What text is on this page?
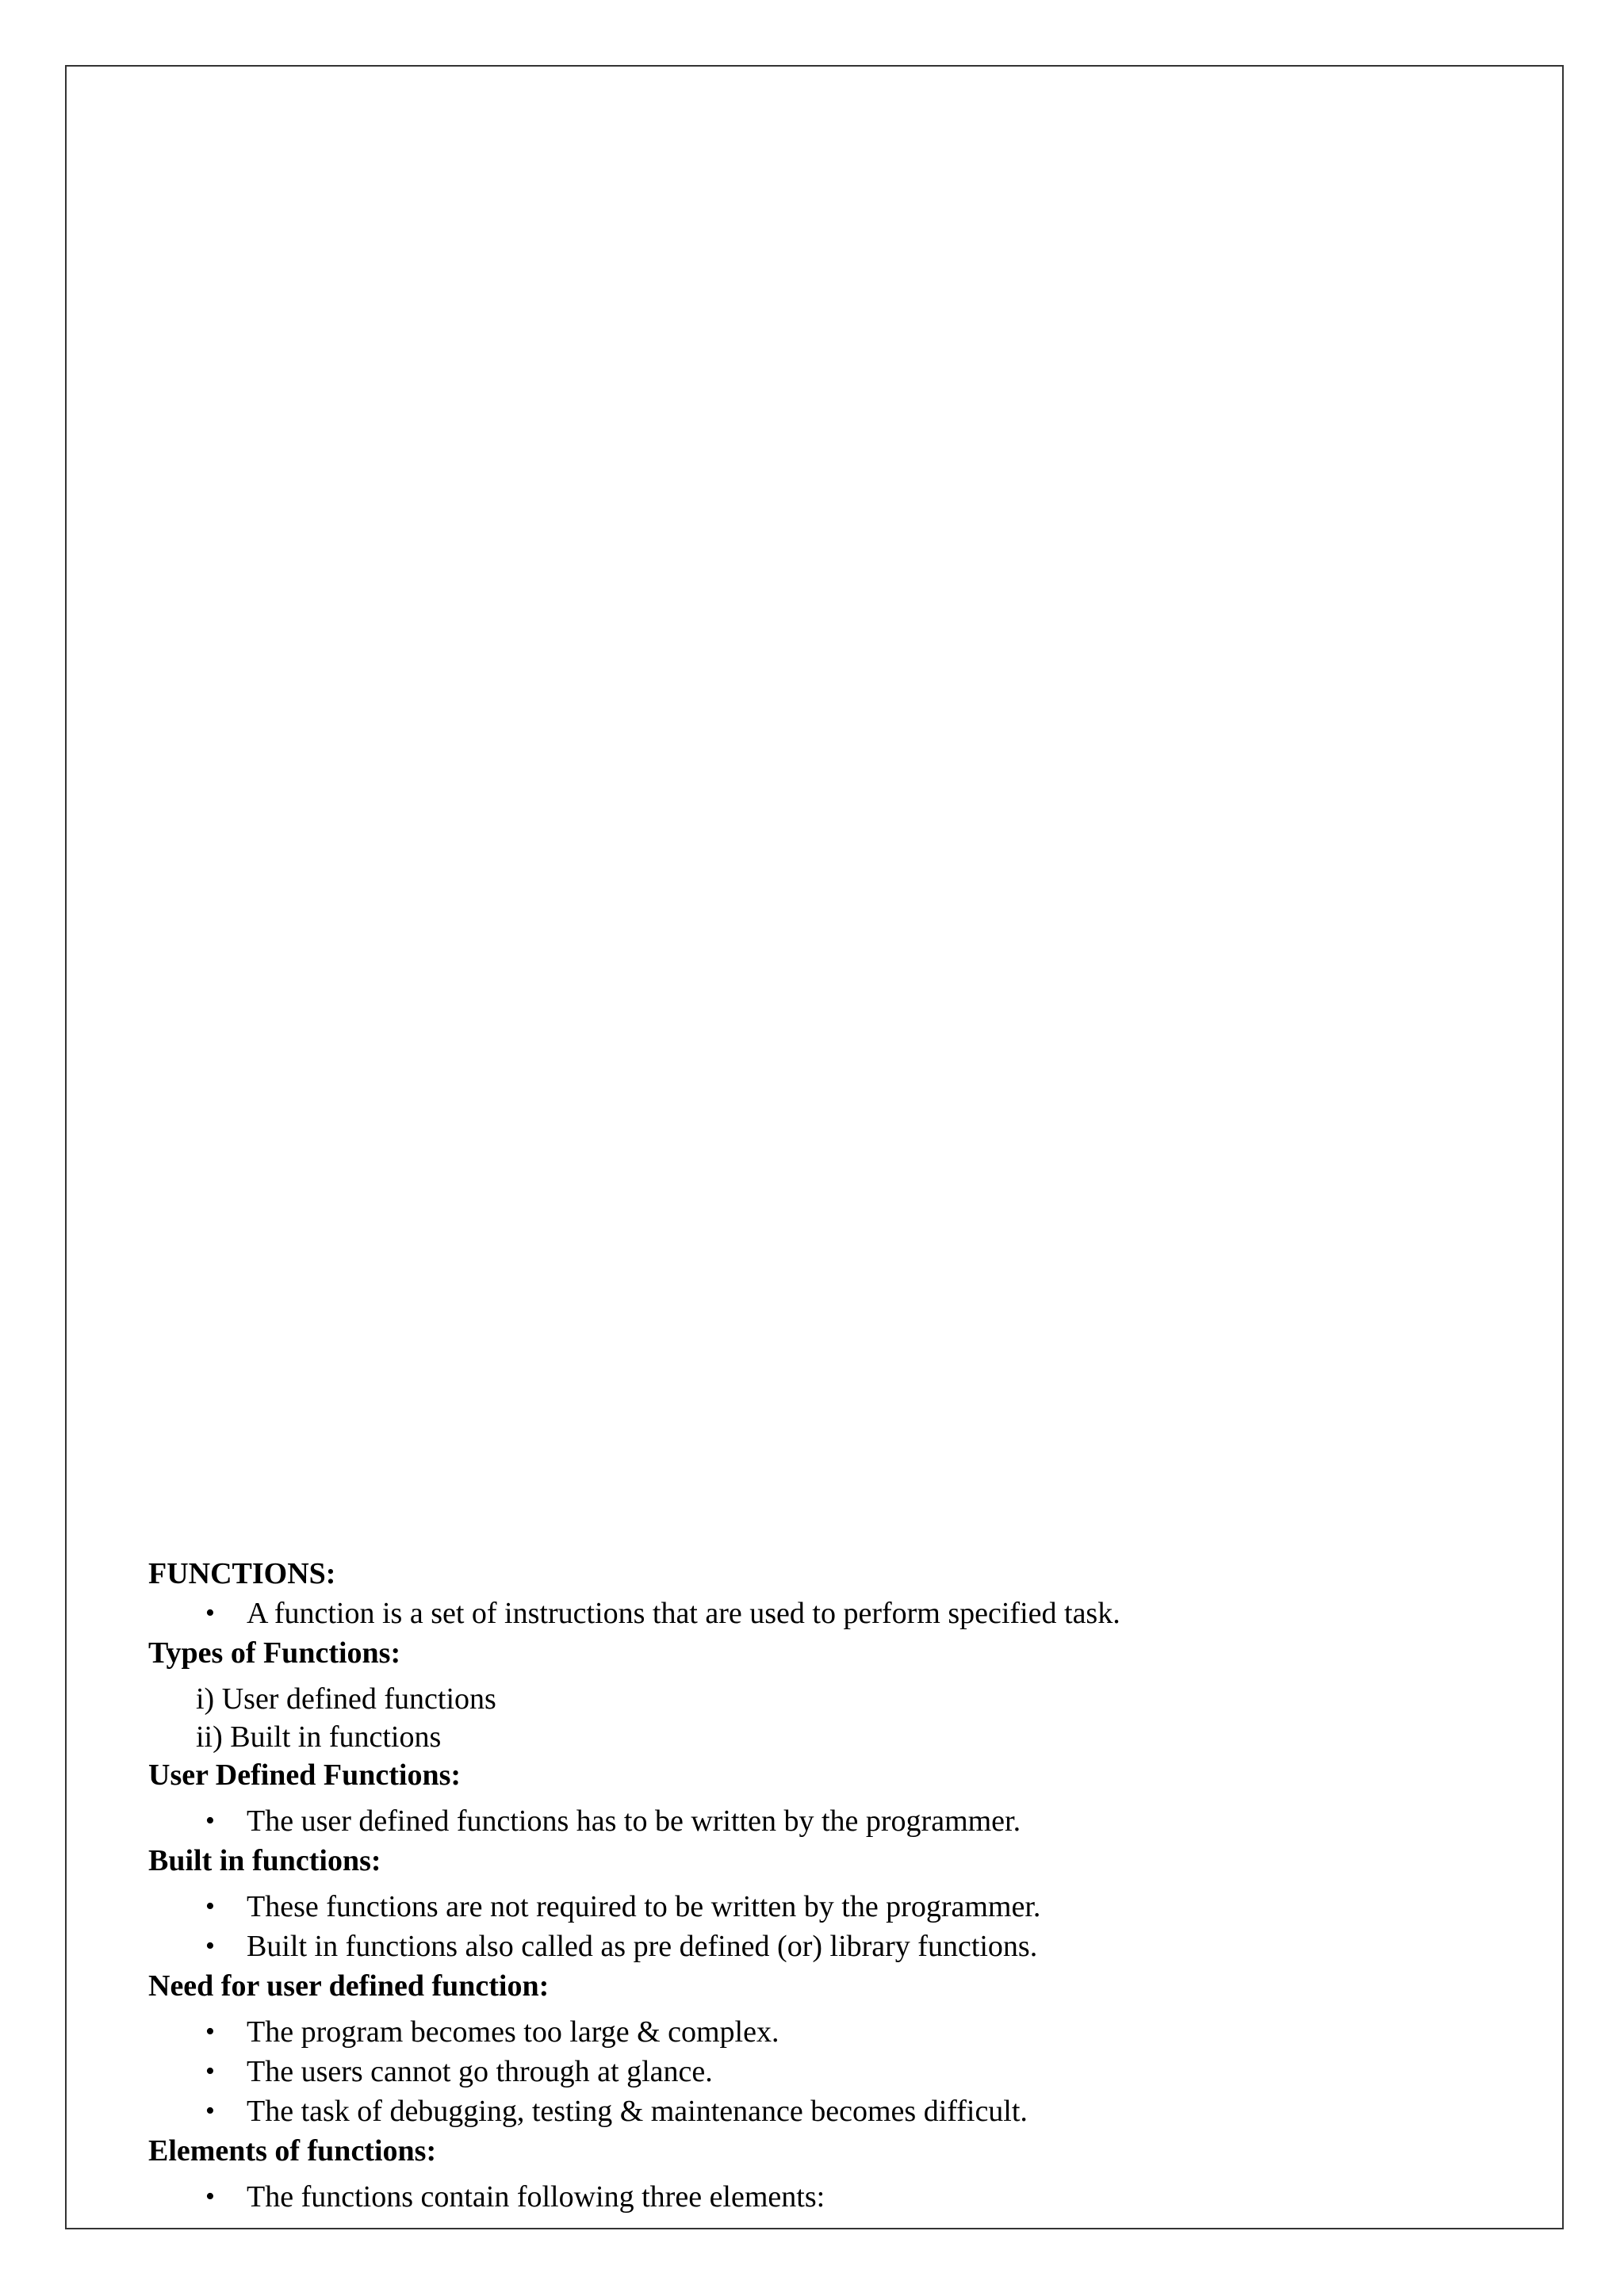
FUNCTIONS:

• A function is a set of instructions that are used to perform specified task.

Types of Functions:

i) User defined functions
ii) Built in functions

User Defined Functions:

• The user defined functions has to be written by the programmer.

Built in functions:

• These functions are not required to be written by the programmer.
• Built in functions also called as pre defined (or) library functions.

Need for user defined function:

• The program becomes too large & complex.
• The users cannot go through at glance.
• The task of debugging, testing & maintenance becomes difficult.

Elements of functions:

• The functions contain following three elements:
